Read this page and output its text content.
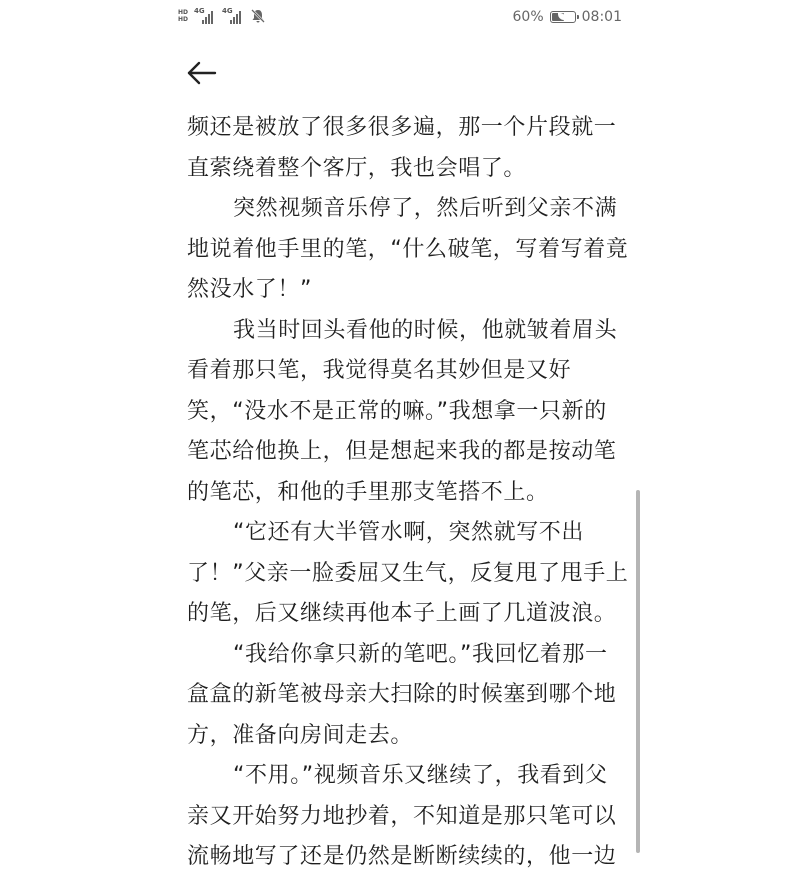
HD
HD
4G 4G	60%	08:01
频还是被放了很多很多遍，那一个片段就一
直萦绕着整个客厅，我也会唱了。
突然视频音乐停了，然后听到父亲不满
地说着他手里的笔，“什么破笔，写着写着竟
然没水了！”
我当时回头看他的时候，他就皱着眉头
看着那只笔，我觉得莫名其妙但是又好
笑，“没水不是正常的嘛。”我想拿一只新的
笔芯给他换上，但是想起来我的都是按动笔
的笔芯，和他的手里那支笔搭不上。
“它还有大半管水啊，突然就写不出
了！”父亲一脸委屈又生气，反复甩了甩手上
的笔，后又继续再他本子上画了几道波浪。
“我给你拿只新的笔吧。”我回忆着那一
盒盒的新笔被母亲大扫除的时候塞到哪个地
方，准备向房间走去。
“不用。”视频音乐又继续了，我看到父
亲又开始努力地抄着，不知道是那只笔可以
流畅地写了还是仍然是断断续续的，他一边
